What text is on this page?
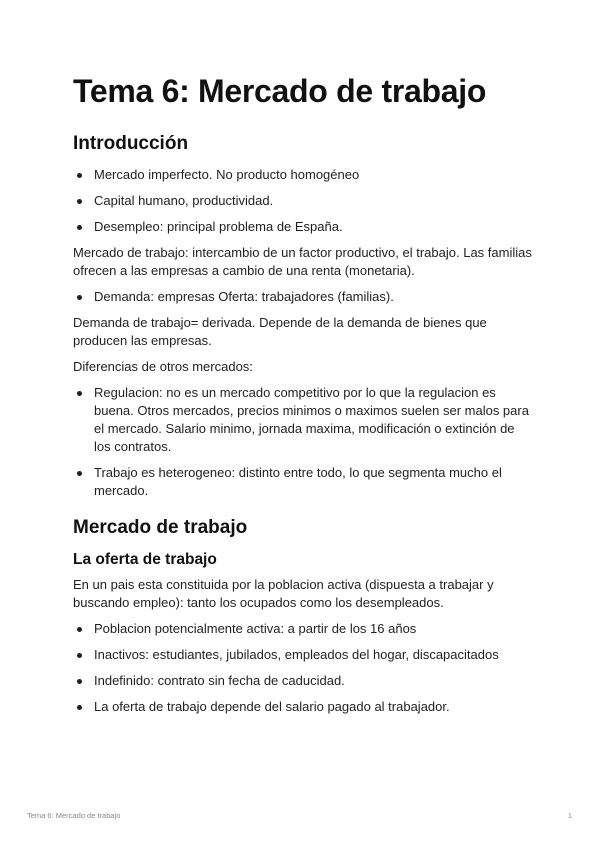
Tema 6: Mercado de trabajo
Introducción
Mercado imperfecto. No producto homogéneo
Capital humano, productividad.
Desempleo: principal problema de España.

Mercado de trabajo: intercambio de un factor productivo, el trabajo. Las familias ofrecen a las empresas a cambio de una renta (monetaria).

Demanda: empresas Oferta: trabajadores (familias).

Demanda de trabajo= derivada. Depende de la demanda de bienes que producen las empresas.

Diferencias de otros mercados:

Regulacion: no es un mercado competitivo por lo que la regulacion es buena. Otros mercados, precios minimos o maximos suelen ser malos para el mercado. Salario minimo, jornada maxima, modificación o extinción de los contratos.
Trabajo es heterogeneo: distinto entre todo, lo que segmenta mucho el mercado.
Mercado de trabajo
La oferta de trabajo

En un pais esta constituida por la poblacion activa (dispuesta a trabajar y buscando empleo): tanto los ocupados como los desempleados.

Poblacion potencialmente activa: a partir de los 16 años
Inactivos: estudiantes, jubilados, empleados del hogar, discapacitados
Indefinido: contrato sin fecha de caducidad.
La oferta de trabajo depende del salario pagado al trabajador.
Tema 6: Mercado de trabajo	1
